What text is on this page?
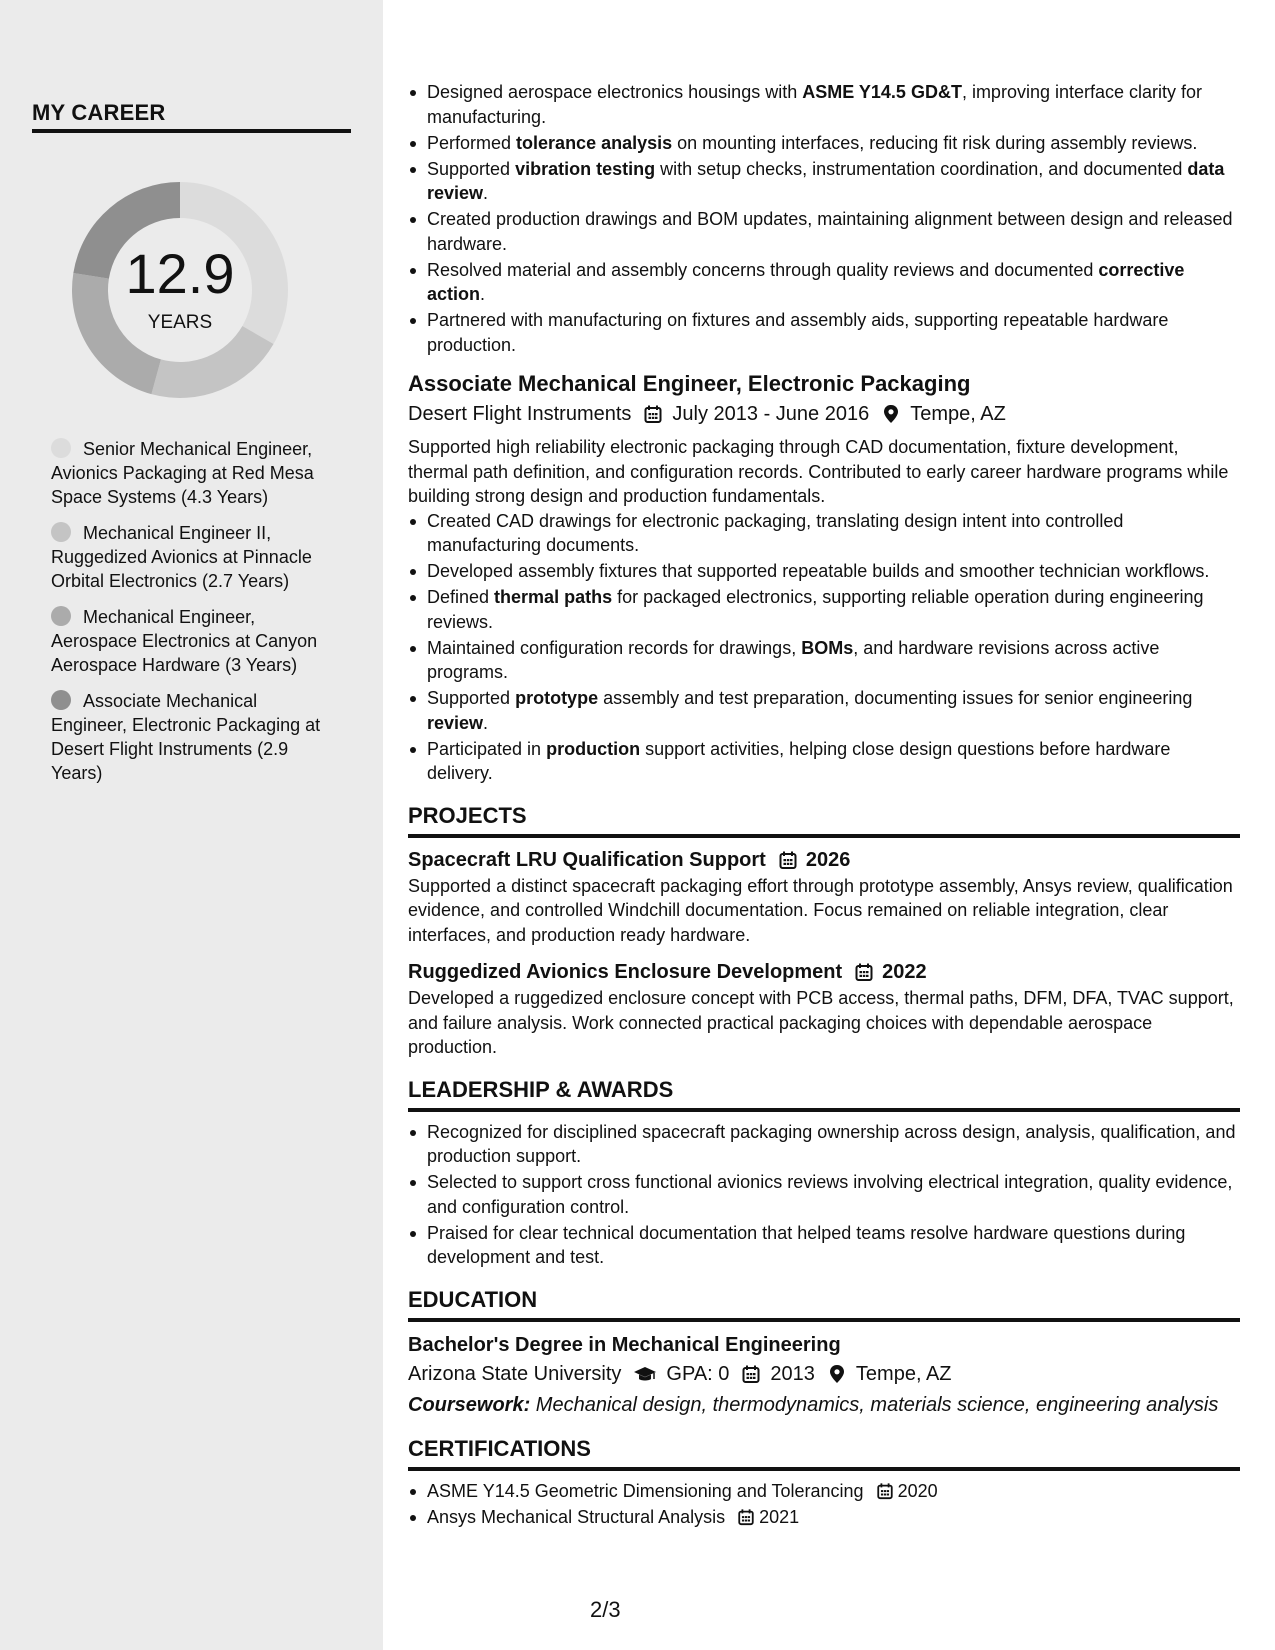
MY CAREER
12.9
YEARS
Senior Mechanical Engineer, Avionics Packaging at Red Mesa Space Systems (4.3 Years)
Mechanical Engineer II, Ruggedized Avionics at Pinnacle Orbital Electronics (2.7 Years)
Mechanical Engineer, Aerospace Electronics at Canyon Aerospace Hardware (3 Years)
Associate Mechanical Engineer, Electronic Packaging at Desert Flight Instruments (2.9 Years)
Designed aerospace electronics housings with ASME Y14.5 GD&T, improving interface clarity for manufacturing.
Performed tolerance analysis on mounting interfaces, reducing fit risk during assembly reviews.
Supported vibration testing with setup checks, instrumentation coordination, and documented data review.
Created production drawings and BOM updates, maintaining alignment between design and released hardware.
Resolved material and assembly concerns through quality reviews and documented corrective action.
Partnered with manufacturing on fixtures and assembly aids, supporting repeatable hardware production.
Associate Mechanical Engineer, Electronic Packaging
Desert Flight Instruments July 2013 - June 2016 Tempe, AZ
Supported high reliability electronic packaging through CAD documentation, fixture development, thermal path definition, and configuration records. Contributed to early career hardware programs while building strong design and production fundamentals.
Created CAD drawings for electronic packaging, translating design intent into controlled manufacturing documents.
Developed assembly fixtures that supported repeatable builds and smoother technician workflows.
Defined thermal paths for packaged electronics, supporting reliable operation during engineering reviews.
Maintained configuration records for drawings, BOMs, and hardware revisions across active programs.
Supported prototype assembly and test preparation, documenting issues for senior engineering review.
Participated in production support activities, helping close design questions before hardware delivery.
PROJECTS
Spacecraft LRU Qualification Support 2026
Supported a distinct spacecraft packaging effort through prototype assembly, Ansys review, qualification evidence, and controlled Windchill documentation. Focus remained on reliable integration, clear interfaces, and production ready hardware.
Ruggedized Avionics Enclosure Development 2022
Developed a ruggedized enclosure concept with PCB access, thermal paths, DFM, DFA, TVAC support, and failure analysis. Work connected practical packaging choices with dependable aerospace production.
LEADERSHIP & AWARDS
Recognized for disciplined spacecraft packaging ownership across design, analysis, qualification, and production support.
Selected to support cross functional avionics reviews involving electrical integration, quality evidence, and configuration control.
Praised for clear technical documentation that helped teams resolve hardware questions during development and test.
EDUCATION
Bachelor's Degree in Mechanical Engineering
Arizona State University GPA: 0 2013 Tempe, AZ
Coursework: Mechanical design, thermodynamics, materials science, engineering analysis
CERTIFICATIONS
ASME Y14.5 Geometric Dimensioning and Tolerancing 2020
Ansys Mechanical Structural Analysis 2021
2/3
